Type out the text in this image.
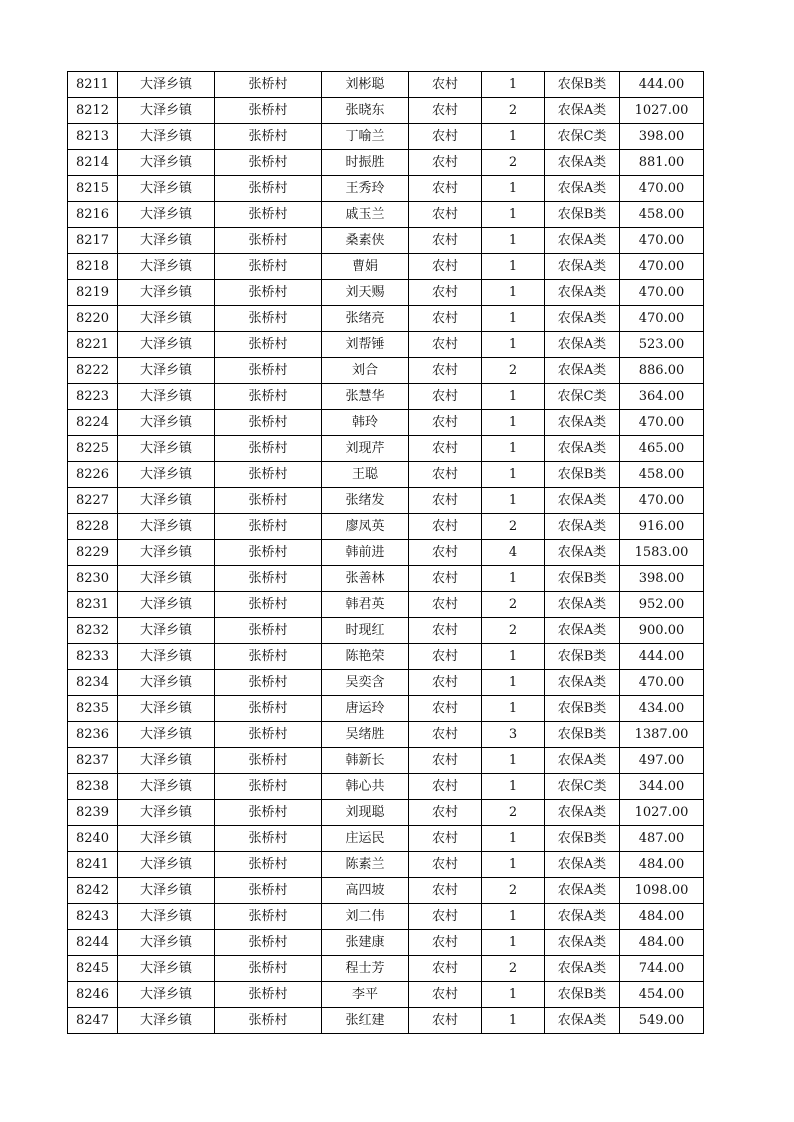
8211	大泽乡镇	张桥村	刘彬聪	农村	1	农保B类	444.00
8212	大泽乡镇	张桥村	张晓东	农村	2	农保A类	1027.00
8213	大泽乡镇	张桥村	丁喻兰	农村	1	农保C类	398.00
8214	大泽乡镇	张桥村	时振胜	农村	2	农保A类	881.00
8215	大泽乡镇	张桥村	王秀玲	农村	1	农保A类	470.00
8216	大泽乡镇	张桥村	戚玉兰	农村	1	农保B类	458.00
8217	大泽乡镇	张桥村	桑素侠	农村	1	农保A类	470.00
8218	大泽乡镇	张桥村	曹娟	农村	1	农保A类	470.00
8219	大泽乡镇	张桥村	刘天赐	农村	1	农保A类	470.00
8220	大泽乡镇	张桥村	张绪亮	农村	1	农保A类	470.00
8221	大泽乡镇	张桥村	刘帮锤	农村	1	农保A类	523.00
8222	大泽乡镇	张桥村	刘合	农村	2	农保A类	886.00
8223	大泽乡镇	张桥村	张慧华	农村	1	农保C类	364.00
8224	大泽乡镇	张桥村	韩玲	农村	1	农保A类	470.00
8225	大泽乡镇	张桥村	刘现芹	农村	1	农保A类	465.00
8226	大泽乡镇	张桥村	王聪	农村	1	农保B类	458.00
8227	大泽乡镇	张桥村	张绪发	农村	1	农保A类	470.00
8228	大泽乡镇	张桥村	廖凤英	农村	2	农保A类	916.00
8229	大泽乡镇	张桥村	韩前进	农村	4	农保A类	1583.00
8230	大泽乡镇	张桥村	张善林	农村	1	农保B类	398.00
8231	大泽乡镇	张桥村	韩君英	农村	2	农保A类	952.00
8232	大泽乡镇	张桥村	时现红	农村	2	农保A类	900.00
8233	大泽乡镇	张桥村	陈艳荣	农村	1	农保B类	444.00
8234	大泽乡镇	张桥村	吴奕含	农村	1	农保A类	470.00
8235	大泽乡镇	张桥村	唐运玲	农村	1	农保B类	434.00
8236	大泽乡镇	张桥村	吴绪胜	农村	3	农保B类	1387.00
8237	大泽乡镇	张桥村	韩新长	农村	1	农保A类	497.00
8238	大泽乡镇	张桥村	韩心共	农村	1	农保C类	344.00
8239	大泽乡镇	张桥村	刘现聪	农村	2	农保A类	1027.00
8240	大泽乡镇	张桥村	庄运民	农村	1	农保B类	487.00
8241	大泽乡镇	张桥村	陈素兰	农村	1	农保A类	484.00
8242	大泽乡镇	张桥村	高四坡	农村	2	农保A类	1098.00
8243	大泽乡镇	张桥村	刘二伟	农村	1	农保A类	484.00
8244	大泽乡镇	张桥村	张建康	农村	1	农保A类	484.00
8245	大泽乡镇	张桥村	程士芳	农村	2	农保A类	744.00
8246	大泽乡镇	张桥村	李平	农村	1	农保B类	454.00
8247	大泽乡镇	张桥村	张红建	农村	1	农保A类	549.00
